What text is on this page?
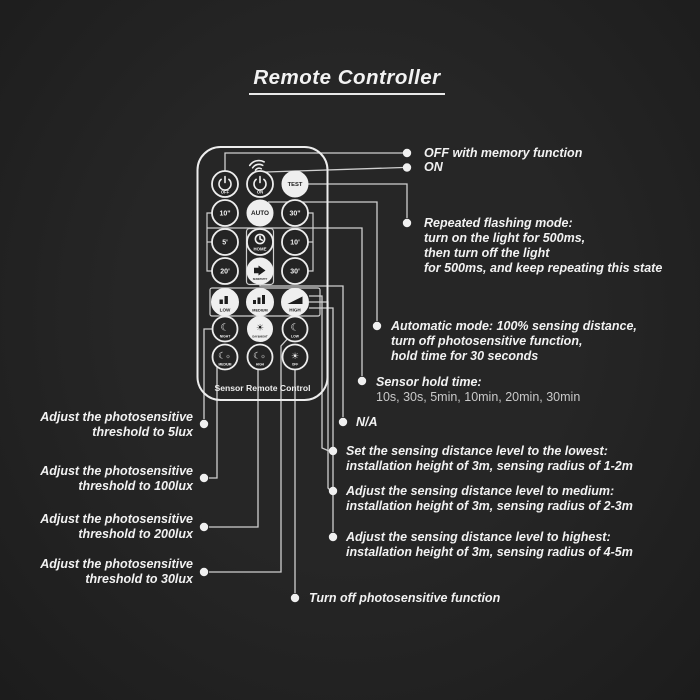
OFF	ON
TEST
10"	AUTO	30"
5'
HOME
10'
20'
SENSITIVITY
30'
LOW	MEDIUM	HIGH
☾
NIGHT
☀
DAY&NIGHT
☾
LOW
☾ ☼
MEDIUM
☾ ☼
HIGH
☀
OFF
Sensor Remote Control
Remote Controller
OFF with memory function
ON
Repeated flashing mode:
turn on the light for 500ms,
then turn off the light
for 500ms, and keep repeating this state
Automatic mode: 100% sensing distance,
turn off photosensitive function,
hold time for 30 seconds
Sensor hold time:
10s, 30s, 5min, 10min, 20min, 30min
N/A
Set the sensing distance level to the lowest:
installation height of 3m, sensing radius of 1-2m
Adjust the sensing distance level to medium:
installation height of 3m, sensing radius of 2-3m
Adjust the sensing distance level to highest:
installation height of 3m, sensing radius of 4-5m
Turn off photosensitive function
Adjust the photosensitive
threshold to 5lux
Adjust the photosensitive
threshold to 100lux
Adjust the photosensitive
threshold to 200lux
Adjust the photosensitive
threshold to 30lux
